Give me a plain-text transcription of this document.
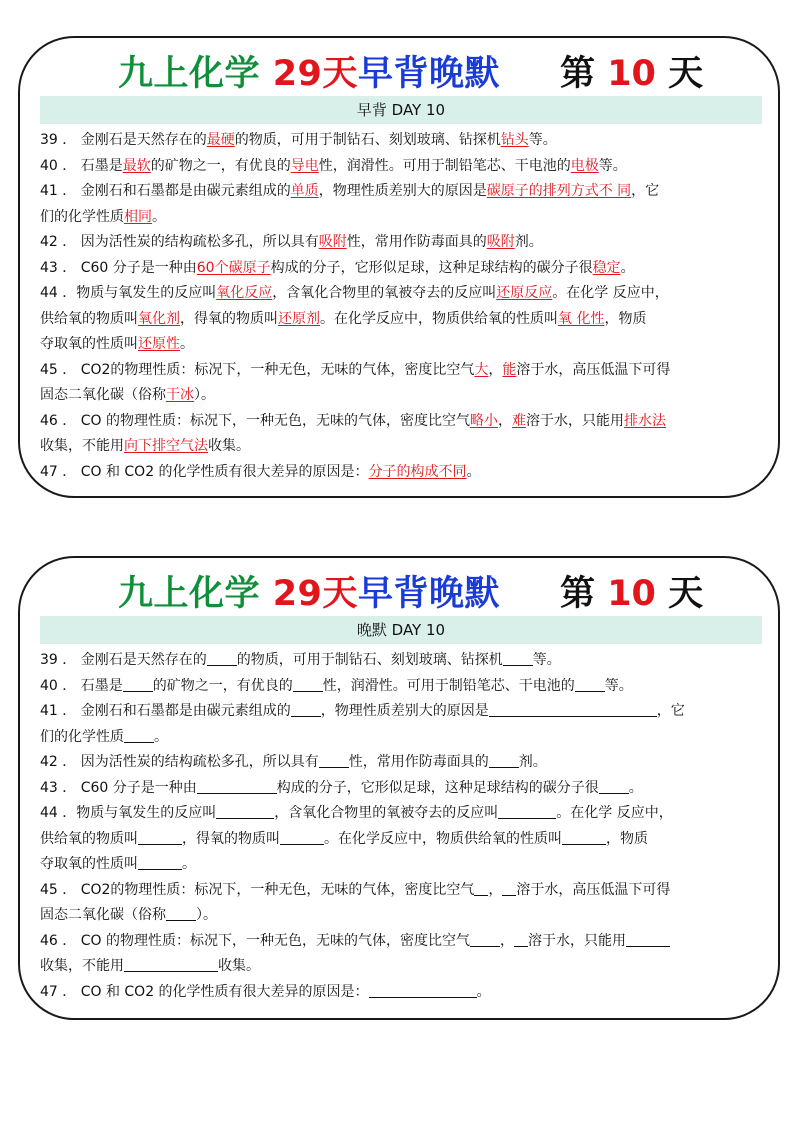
九上化学 29天早背晚默 第 10 天
早背 DAY 10
39 ． 金刚石是天然存在的最硬的物质，可用于制钻石、刻划玻璃、钻探机钻头等。
40 ． 石墨是最软的矿物之一，有优良的导电性，润滑性。可用于制铅笔芯、干电池的电极等。
41 ． 金刚石和石墨都是由碳元素组成的单质，物理性质差别大的原因是碳原子的排列方式不 同，它
们的化学性质相同。
42 ． 因为活性炭的结构疏松多孔，所以具有吸附性，常用作防毒面具的吸附剂。
43 ． C60 分子是一种由60个碳原子构成的分子，它形似足球，这种足球结构的碳分子很稳定。
44 ．物质与氧发生的反应叫氧化反应，含氧化合物里的氧被夺去的反应叫还原反应。在化学 反应中，
供给氧的物质叫氧化剂，得氧的物质叫还原剂。在化学反应中，物质供给氧的性质叫氧 化性，物质
夺取氧的性质叫还原性。
45 ． CO2的物理性质：标况下，一种无色，无味的气体，密度比空气大，能溶于水，高压低温下可得
固态二氧化碳（俗称干冰）。
46 ． CO 的物理性质：标况下，一种无色，无味的气体，密度比空气略小，难溶于水，只能用排水法
收集，不能用向下排空气法收集。
47 ． CO 和 CO2 的化学性质有很大差异的原因是：分子的构成不同。
九上化学 29天早背晚默 第 10 天
晚默 DAY 10
39 ． 金刚石是天然存在的 的物质，可用于制钻石、刻划玻璃、钻探机 等。
40 ． 石墨是 的矿物之一，有优良的 性，润滑性。可用于制铅笔芯、干电池的 等。
41 ． 金刚石和石墨都是由碳元素组成的 ，物理性质差别大的原因是	，它
们的化学性质 。
42 ． 因为活性炭的结构疏松多孔，所以具有 性，常用作防毒面具的 剂。
43 ． C60 分子是一种由	构成的分子，它形似足球，这种足球结构的碳分子很 。
44 ．物质与氧发生的反应叫	，含氧化合物里的氧被夺去的反应叫	。在化学 反应中，
供给氧的物质叫	，得氧的物质叫	。在化学反应中，物质供给氧的性质叫	，物质
夺取氧的性质叫	。
45 ． CO2的物理性质：标况下，一种无色，无味的气体，密度比空气 ， 溶于水，高压低温下可得
固态二氧化碳（俗称 ）。
46 ． CO 的物理性质：标况下，一种无色，无味的气体，密度比空气 ， 溶于水，只能用
收集，不能用	收集。
47 ． CO 和 CO2 的化学性质有很大差异的原因是：	。
